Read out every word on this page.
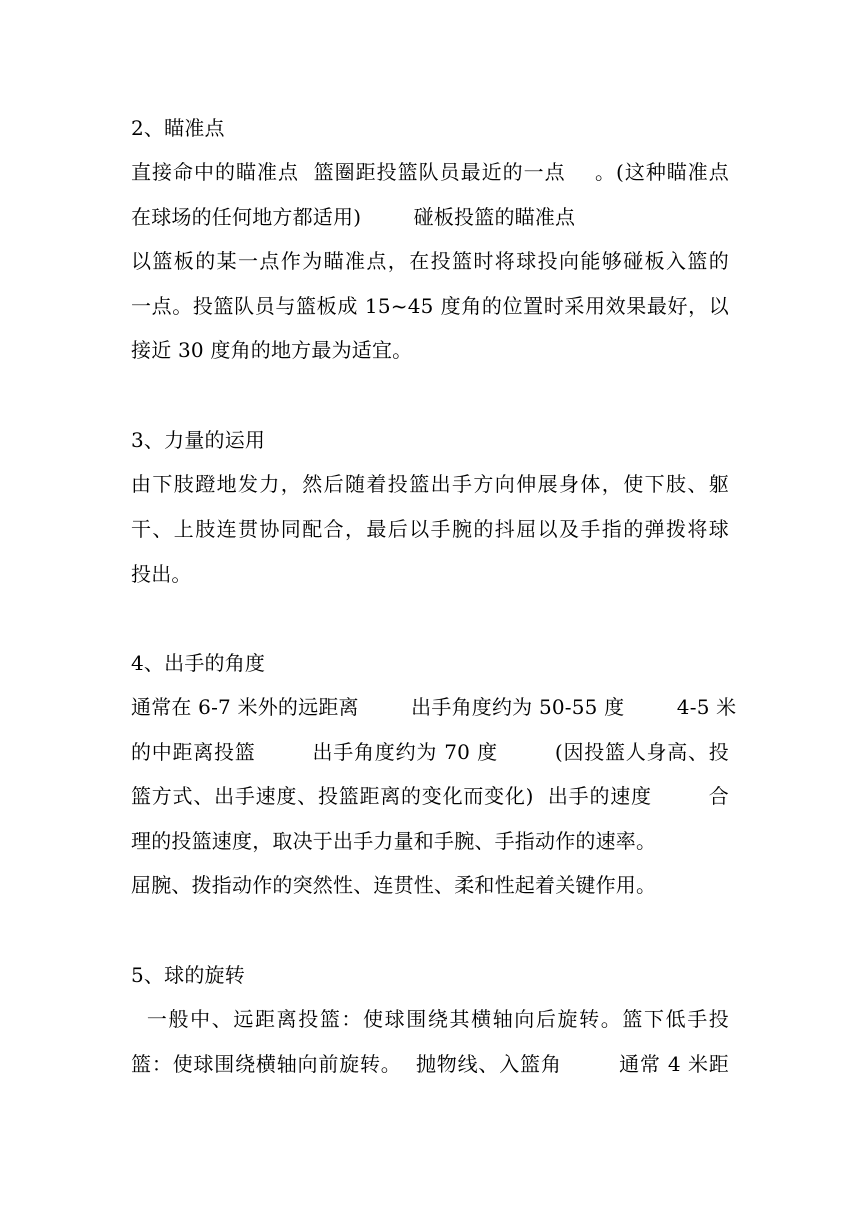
2、瞄准点
直接命中的瞄准点  篮圈距投篮队员最近的一点    。(这种瞄准点
在球场的任何地方都适用)        碰板投篮的瞄准点
以篮板的某一点作为瞄准点，在投篮时将球投向能够碰板入篮的
一点。投篮队员与篮板成 15~45 度角的位置时采用效果最好，以
接近 30 度角的地方最为适宜。
3、力量的运用
由下肢蹬地发力，然后随着投篮出手方向伸展身体，使下肢、躯
干、上肢连贯协同配合，最后以手腕的抖屈以及手指的弹拨将球
投出。
4、出手的角度
通常在 6-7 米外的远距离        出手角度约为 50-55 度        4-5 米
的中距离投篮        出手角度约为 70 度        (因投篮人身高、投
篮方式、出手速度、投篮距离的变化而变化)  出手的速度        合
理的投篮速度，取决于出手力量和手腕、手指动作的速率。
屈腕、拨指动作的突然性、连贯性、柔和性起着关键作用。
5、球的旋转
一般中、远距离投篮：使球围绕其横轴向后旋转。篮下低手投
篮：使球围绕横轴向前旋转。  抛物线、入篮角        通常 4 米距
